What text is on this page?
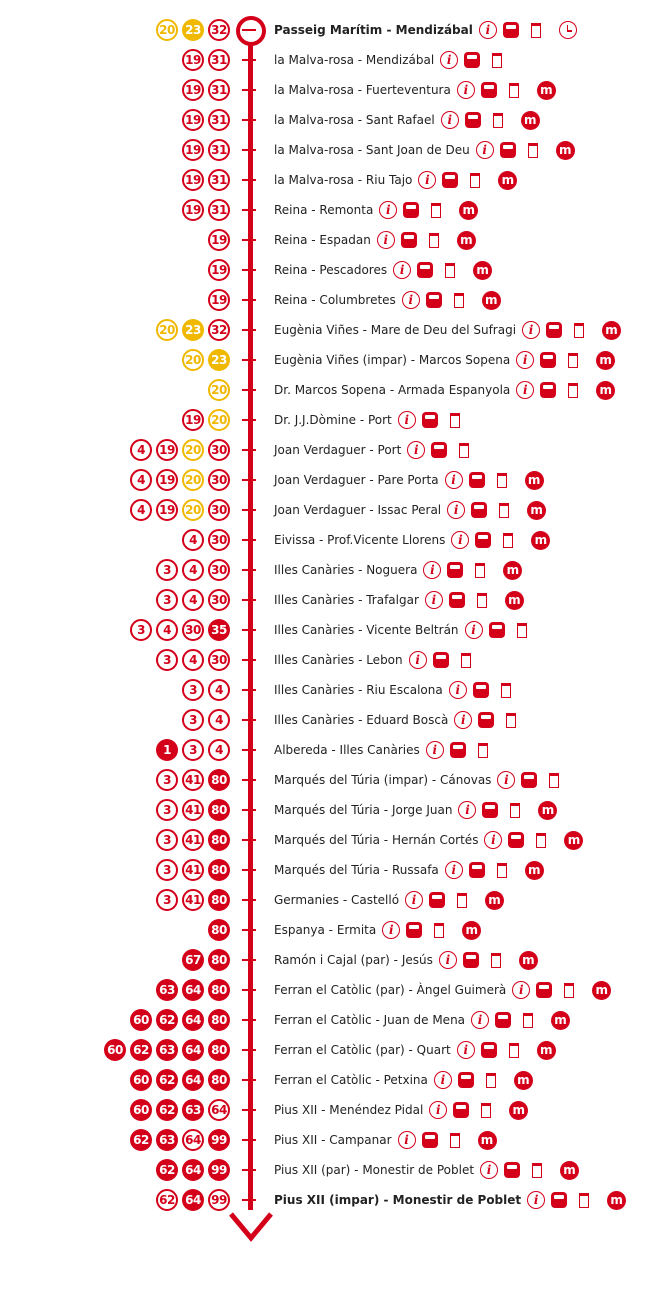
20 23 32	Passeig Marítim - Mendizábal	i
19 31	la Malva-rosa - Mendizábal	i
19 31	la Malva-rosa - Fuerteventura	i	m
19 31	la Malva-rosa - Sant Rafael	i	m
19 31	la Malva-rosa - Sant Joan de Deu	i	m
19 31	la Malva-rosa - Riu Tajo	i	m
19 31	Reina - Remonta	i	m
19	Reina - Espadan	i	m
19	Reina - Pescadores	i	m
19	Reina - Columbretes	i	m
20 23 32	Eugènia Viñes - Mare de Deu del Sufragi	i	m
20 23	Eugènia Viñes (impar) - Marcos Sopena	i	m
20	Dr. Marcos Sopena - Armada Espanyola	i	m
19 20	Dr. J.J.Dòmine - Port	i
4	19 20 30	Joan Verdaguer - Port	i
4	19 20 30	Joan Verdaguer - Pare Porta	i	m
4	19 20 30	Joan Verdaguer - Issac Peral	i	m
4	30	Eivissa - Prof.Vicente Llorens	i	m
3	4	30	Illes Canàries - Noguera	i	m
3	4	30	Illes Canàries - Trafalgar	i	m
3	4	30 35	Illes Canàries - Vicente Beltrán	i
3	4	30	Illes Canàries - Lebon	i
3	4	Illes Canàries - Riu Escalona	i
3	4	Illes Canàries - Eduard Boscà	i
1	3	4	Albereda - Illes Canàries	i
3	41 80	Marqués del Túria (impar) - Cánovas	i
3	41 80	Marqués del Túria - Jorge Juan	i	m
3	41 80	Marqués del Túria - Hernán Cortés	i	m
3	41 80	Marqués del Túria - Russafa	i	m
3	41 80	Germanies - Castelló	i	m
80	Espanya - Ermita	i	m
67 80	Ramón i Cajal (par) - Jesús	i	m
63 64 80	Ferran el Catòlic (par) - Àngel Guimerà	i	m
60 62 64 80	Ferran el Catòlic - Juan de Mena	i	m
60 62 63 64 80	Ferran el Catòlic (par) - Quart	i	m
60 62 64 80	Ferran el Catòlic - Petxina	i	m
60 62 63 64	Pius XII - Menéndez Pidal	i	m
62 63 64 99	Pius XII - Campanar	i	m
62 64 99	Pius XII (par) - Monestir de Poblet	i	m
62 64 99	Pius XII (impar) - Monestir de Poblet	i	m
